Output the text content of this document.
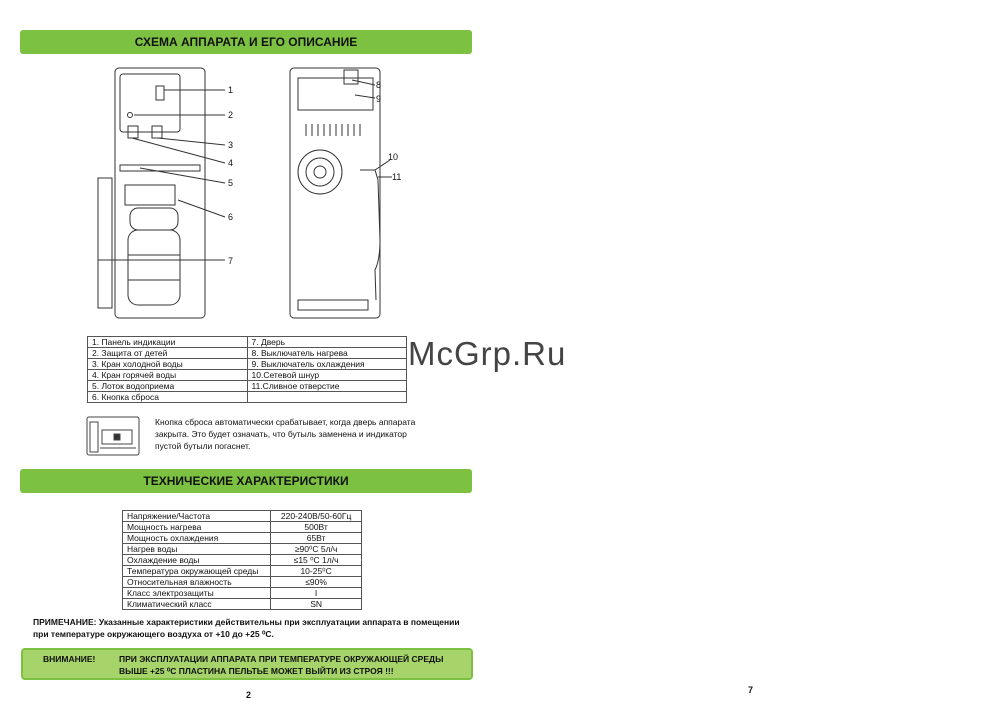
СХЕМА АППАРАТА И ЕГО ОПИСАНИЕ
1
2
3
4
5
6
7
8
9
10
11
1. Панель индикации	7. Дверь
2. Защита от детей	8. Выключатель нагрева
3. Кран холодной воды	9. Выключатель охлаждения
4. Кран горячей воды	10.Сетевой шнур
5. Лоток водоприема	11.Сливное отверстие
6. Кнопка сброса	
Кнопка сброса автоматически срабатывает, когда дверь аппарата закрыта. Это будет означать, что бутыль заменена и индикатор пустой бутыли погаснет.
ТЕХНИЧЕСКИЕ ХАРАКТЕРИСТИКИ
Напряжение/Частота	220-240В/50-60Гц
Мощность нагрева	500Вт
Мощность охлаждения	65Вт
Нагрев воды	≥90⁰С 5л/ч
Охлаждение воды	≤15 ⁰С 1л/ч
Температура окружающей среды	10-25⁰С
Относительная влажность	≤90%
Класс электрозащиты	I
Климатический класс	SN
ПРИМЕЧАНИЕ: Указанные характеристики действительны при эксплуатации аппарата в помещении при температуре окружающего воздуха от +10 до +25 ⁰С.
ВНИМАНИЕ!	ПРИ ЭКСПЛУАТАЦИИ АППАРАТА ПРИ ТЕМПЕРАТУРЕ ОКРУЖАЮЩЕЙ СРЕДЫ
ВЫШЕ +25 ⁰С ПЛАСТИНА ПЕЛЬТЬЕ МОЖЕТ ВЫЙТИ ИЗ СТРОЯ !!!
2	7
McGrp.Ru
